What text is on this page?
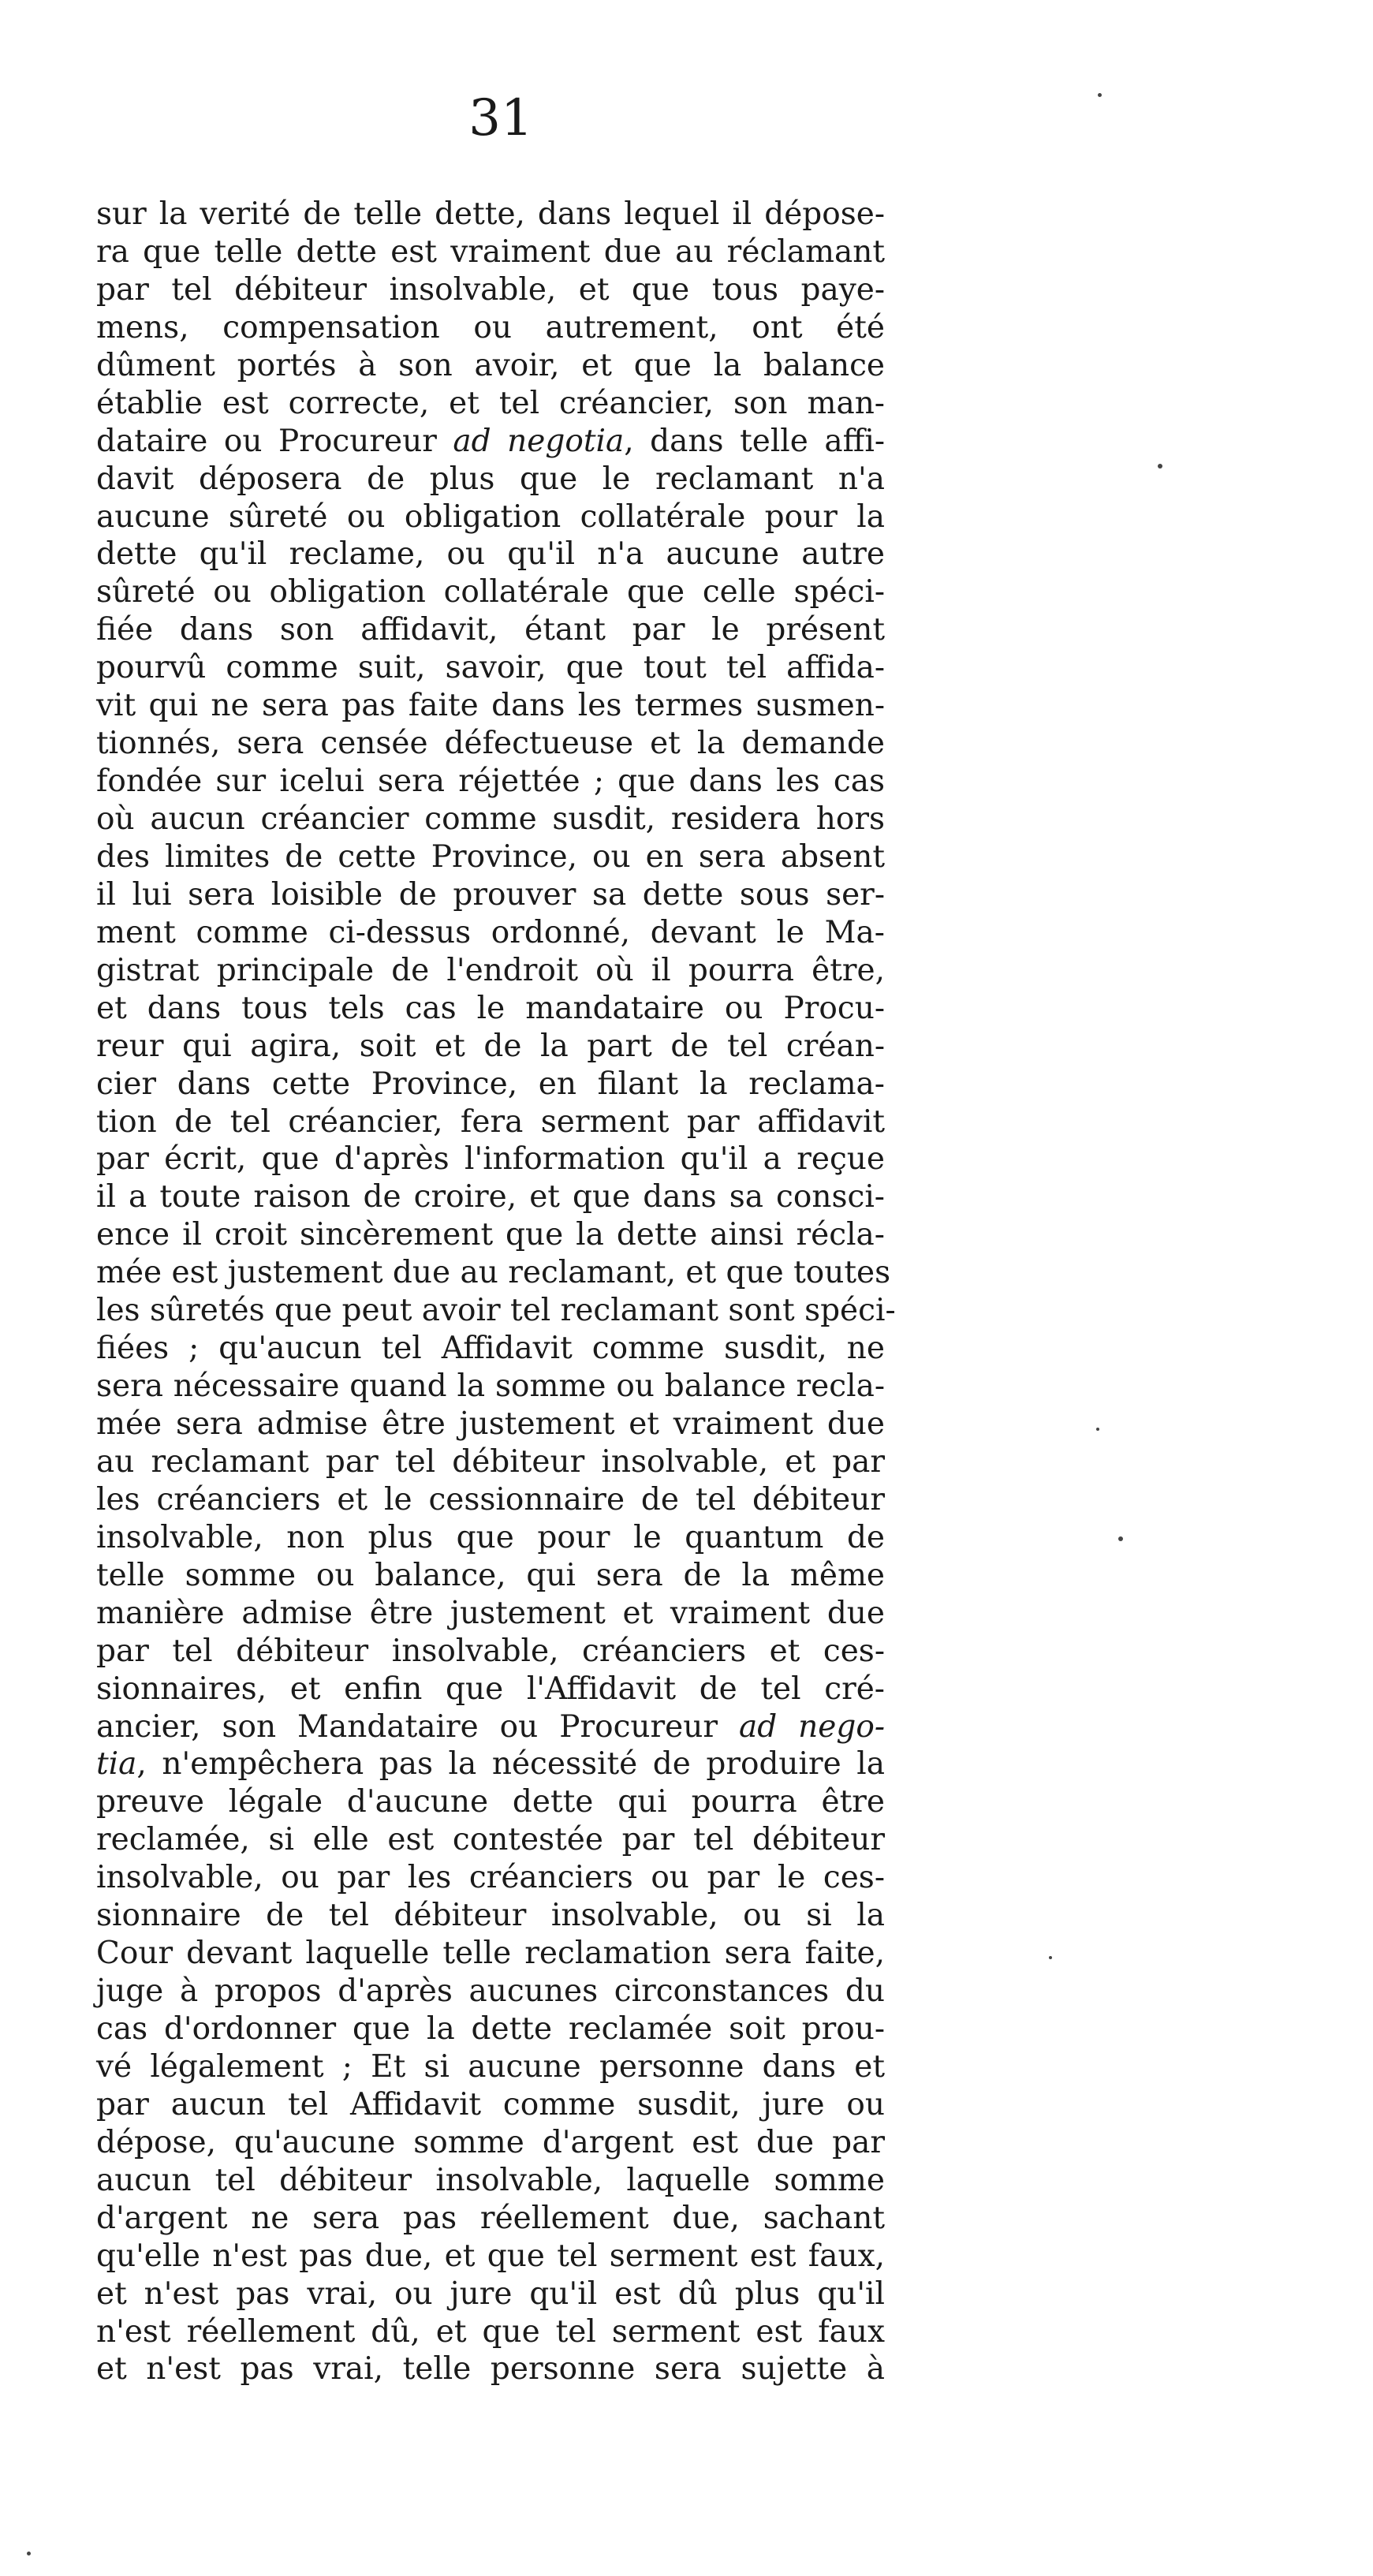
31
sur la verité de telle dette, dans lequel il dépose-
ra que telle dette est vraiment due au réclamant
par tel débiteur insolvable, et que tous paye-
mens, compensation ou autrement, ont été
dûment portés à son avoir, et que la balance
établie est correcte, et tel créancier, son man-
dataire ou Procureur ad negotia, dans telle affi-
davit déposera de plus que le reclamant n'a
aucune sûreté ou obligation collatérale pour la
dette qu'il reclame, ou qu'il n'a aucune autre
sûreté ou obligation collatérale que celle spéci-
fiée dans son affidavit, étant par le présent
pourvû comme suit, savoir, que tout tel affida-
vit qui ne sera pas faite dans les termes susmen-
tionnés, sera censée défectueuse et la demande
fondée sur icelui sera réjettée ; que dans les cas
où aucun créancier comme susdit, residera hors
des limites de cette Province, ou en sera absent
il lui sera loisible de prouver sa dette sous ser-
ment comme ci-dessus ordonné, devant le Ma-
gistrat principale de l'endroit où il pourra être,
et dans tous tels cas le mandataire ou Procu-
reur qui agira, soit et de la part de tel créan-
cier dans cette Province, en filant la reclama-
tion de tel créancier, fera serment par affidavit
par écrit, que d'après l'information qu'il a reçue
il a toute raison de croire, et que dans sa consci-
ence il croit sincèrement que la dette ainsi récla-
mée est justement due au reclamant, et que toutes
les sûretés que peut avoir tel reclamant sont spéci-
fiées ; qu'aucun tel Affidavit comme susdit, ne
sera nécessaire quand la somme ou balance recla-
mée sera admise être justement et vraiment due
au reclamant par tel débiteur insolvable, et par
les créanciers et le cessionnaire de tel débiteur
insolvable, non plus que pour le quantum de
telle somme ou balance, qui sera de la même
manière admise être justement et vraiment due
par tel débiteur insolvable, créanciers et ces-
sionnaires, et enfin que l'Affidavit de tel cré-
ancier, son Mandataire ou Procureur ad nego-
tia, n'empêchera pas la nécessité de produire la
preuve légale d'aucune dette qui pourra être
reclamée, si elle est contestée par tel débiteur
insolvable, ou par les créanciers ou par le ces-
sionnaire de tel débiteur insolvable, ou si la
Cour devant laquelle telle reclamation sera faite,
juge à propos d'après aucunes circonstances du
cas d'ordonner que la dette reclamée soit prou-
vé légalement ; Et si aucune personne dans et
par aucun tel Affidavit comme susdit, jure ou
dépose, qu'aucune somme d'argent est due par
aucun tel débiteur insolvable, laquelle somme
d'argent ne sera pas réellement due, sachant
qu'elle n'est pas due, et que tel serment est faux,
et n'est pas vrai, ou jure qu'il est dû plus qu'il
n'est réellement dû, et que tel serment est faux
et n'est pas vrai, telle personne sera sujette à
